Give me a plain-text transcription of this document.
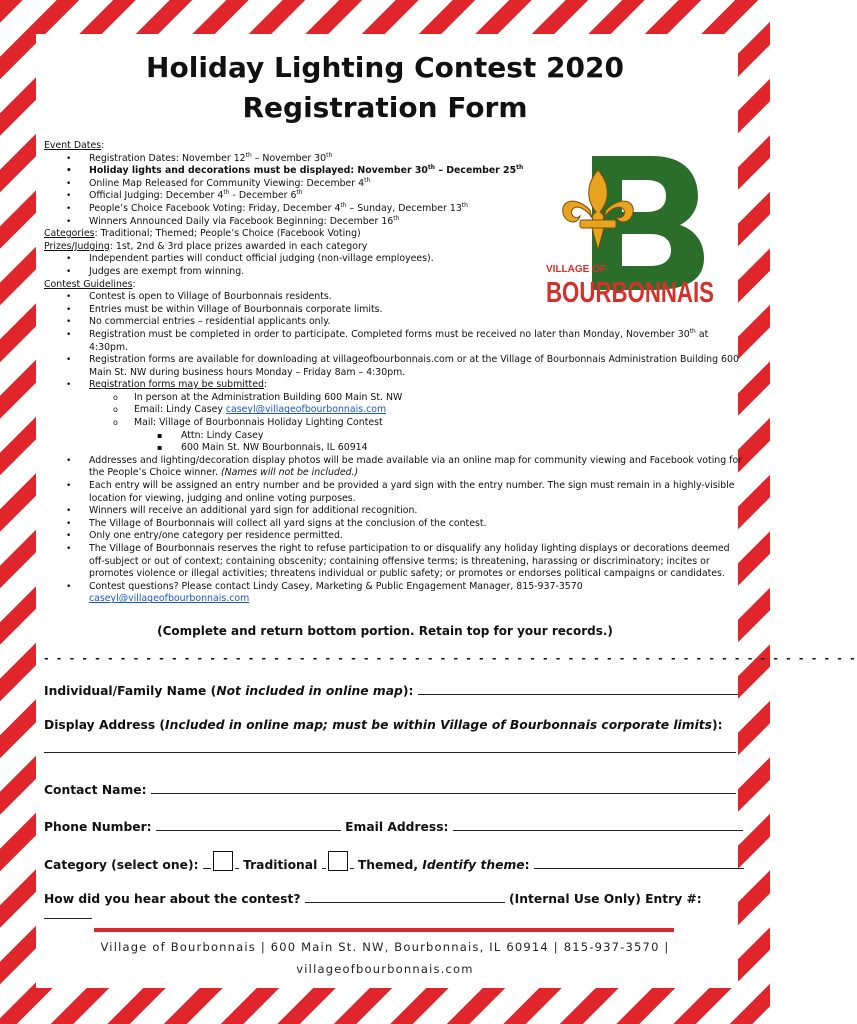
Holiday Lighting Contest 2020
Registration Form
VILLAGE OF
BOURBONNAIS
Event Dates:
• Registration Dates: November 12th – November 30th
• Holiday lights and decorations must be displayed: November 30th – December 25th
• Online Map Released for Community Viewing: December 4th
• Official Judging: December 4th - December 6th
• People’s Choice Facebook Voting: Friday, December 4th – Sunday, December 13th
• Winners Announced Daily via Facebook Beginning: December 16th
Categories: Traditional; Themed; People’s Choice (Facebook Voting)
Prizes/Judging: 1st, 2nd & 3rd place prizes awarded in each category
• Independent parties will conduct official judging (non-village employees).
• Judges are exempt from winning.
Contest Guidelines:
• Contest is open to Village of Bourbonnais residents.
• Entries must be within Village of Bourbonnais corporate limits.
• No commercial entries – residential applicants only.
• Registration must be completed in order to participate. Completed forms must be received no later than Monday, November 30th at 4:30pm.
• Registration forms are available for downloading at villageofbourbonnais.com or at the Village of Bourbonnais Administration Building 600 Main St. NW during business hours Monday – Friday 8am – 4:30pm.
• Registration forms may be submitted:
o In person at the Administration Building 600 Main St. NW
o Email: Lindy Casey caseyl@villageofbourbonnais.com
o Mail: Village of Bourbonnais Holiday Lighting Contest
▪ Attn: Lindy Casey
▪ 600 Main St. NW Bourbonnais, IL 60914
• Addresses and lighting/decoration display photos will be made available via an online map for community viewing and Facebook voting for the People’s Choice winner. (Names will not be included.)
• Each entry will be assigned an entry number and be provided a yard sign with the entry number. The sign must remain in a highly-visible location for viewing, judging and online voting purposes.
• Winners will receive an additional yard sign for additional recognition.
• The Village of Bourbonnais will collect all yard signs at the conclusion of the contest.
• Only one entry/one category per residence permitted.
• The Village of Bourbonnais reserves the right to refuse participation to or disqualify any holiday lighting displays or decorations deemed off-subject or out of context; containing obscenity; containing offensive terms; is threatening, harassing or discriminatory; incites or promotes violence or illegal activities; threatens individual or public safety; or promotes or endorses political campaigns or candidates.
• Contest questions? Please contact Lindy Casey, Marketing & Public Engagement Manager, 815-937-3570
caseyl@villageofbourbonnais.com
(Complete and return bottom portion. Retain top for your records.)
- - - - - - - - - - - - - - - - - - - - - - - - - - - - - - - - - - - - - - - - - - - - - - - - - - - - - - - - - - - - - - - -
Individual/Family Name (Not included in online map):
Display Address (Included in online map; must be within Village of Bourbonnais corporate limits):
Contact Name:
Phone Number:	Email Address:
Category (select one):	Traditional	Themed, Identify theme:
How did you hear about the contest?	(Internal Use Only) Entry #:
Village of Bourbonnais | 600 Main St. NW, Bourbonnais, IL 60914 | 815-937-3570 |
villageofbourbonnais.com
